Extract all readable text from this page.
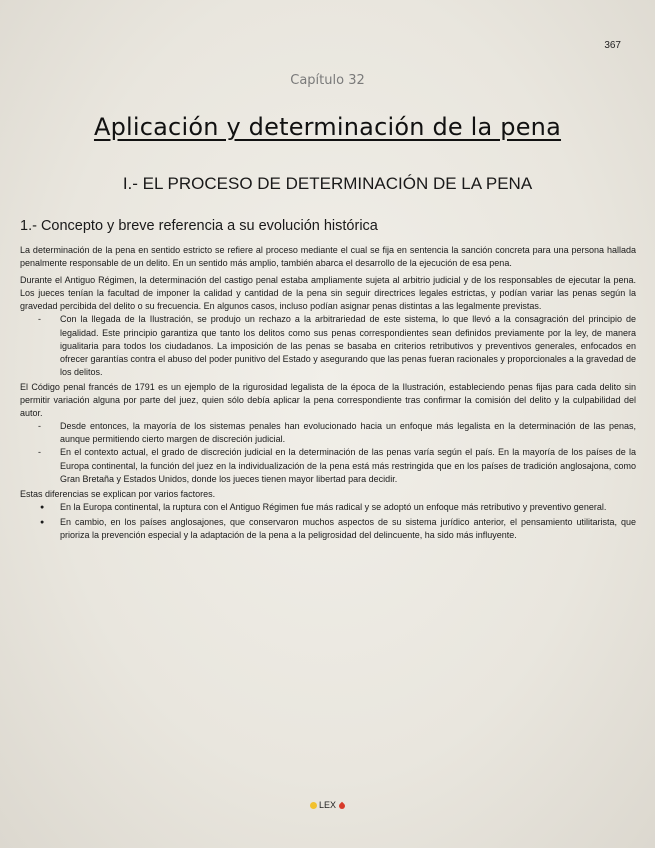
367
Capítulo 32
Aplicación y determinación de la pena
I.- EL PROCESO DE DETERMINACIÓN DE LA PENA
1.- Concepto y breve referencia a su evolución histórica

La determinación de la pena en sentido estricto se refiere al proceso mediante el cual se fija en sentencia la sanción concreta para una persona hallada penalmente responsable de un delito. En un sentido más amplio, también abarca el desarrollo de la ejecución de esa pena.

Durante el Antiguo Régimen, la determinación del castigo penal estaba ampliamente sujeta al arbitrio judicial y de los responsables de ejecutar la pena. Los jueces tenían la facultad de imponer la calidad y cantidad de la pena sin seguir directrices legales estrictas, y podían variar las penas según la gravedad percibida del delito o su frecuencia. En algunos casos, incluso podían asignar penas distintas a las legalmente previstas.

- Con la llegada de la Ilustración, se produjo un rechazo a la arbitrariedad de este sistema, lo que llevó a la consagración del principio de legalidad. Este principio garantiza que tanto los delitos como sus penas correspondientes sean definidos previamente por la ley, de manera igualitaria para todos los ciudadanos. La imposición de las penas se basaba en criterios retributivos y preventivos generales, enfocados en ofrecer garantías contra el abuso del poder punitivo del Estado y asegurando que las penas fueran racionales y proporcionales a la gravedad de los delitos.

El Código penal francés de 1791 es un ejemplo de la rigurosidad legalista de la época de la Ilustración, estableciendo penas fijas para cada delito sin permitir variación alguna por parte del juez, quien sólo debía aplicar la pena correspondiente tras confirmar la comisión del delito y la culpabilidad del autor.

- Desde entonces, la mayoría de los sistemas penales han evolucionado hacia un enfoque más legalista en la determinación de las penas, aunque permitiendo cierto margen de discreción judicial.
- En el contexto actual, el grado de discreción judicial en la determinación de las penas varía según el país. En la mayoría de los países de la Europa continental, la función del juez en la individualización de la pena está más restringida que en los países de tradición anglosajona, como Gran Bretaña y Estados Unidos, donde los jueces tienen mayor libertad para decidir.

Estas diferencias se explican por varios factores.

● En la Europa continental, la ruptura con el Antiguo Régimen fue más radical y se adoptó un enfoque más retributivo y preventivo general.
● En cambio, en los países anglosajones, que conservaron muchos aspectos de su sistema jurídico anterior, el pensamiento utilitarista, que prioriza la prevención especial y la adaptación de la pena a la peligrosidad del delincuente, ha sido más influyente.
LEX
